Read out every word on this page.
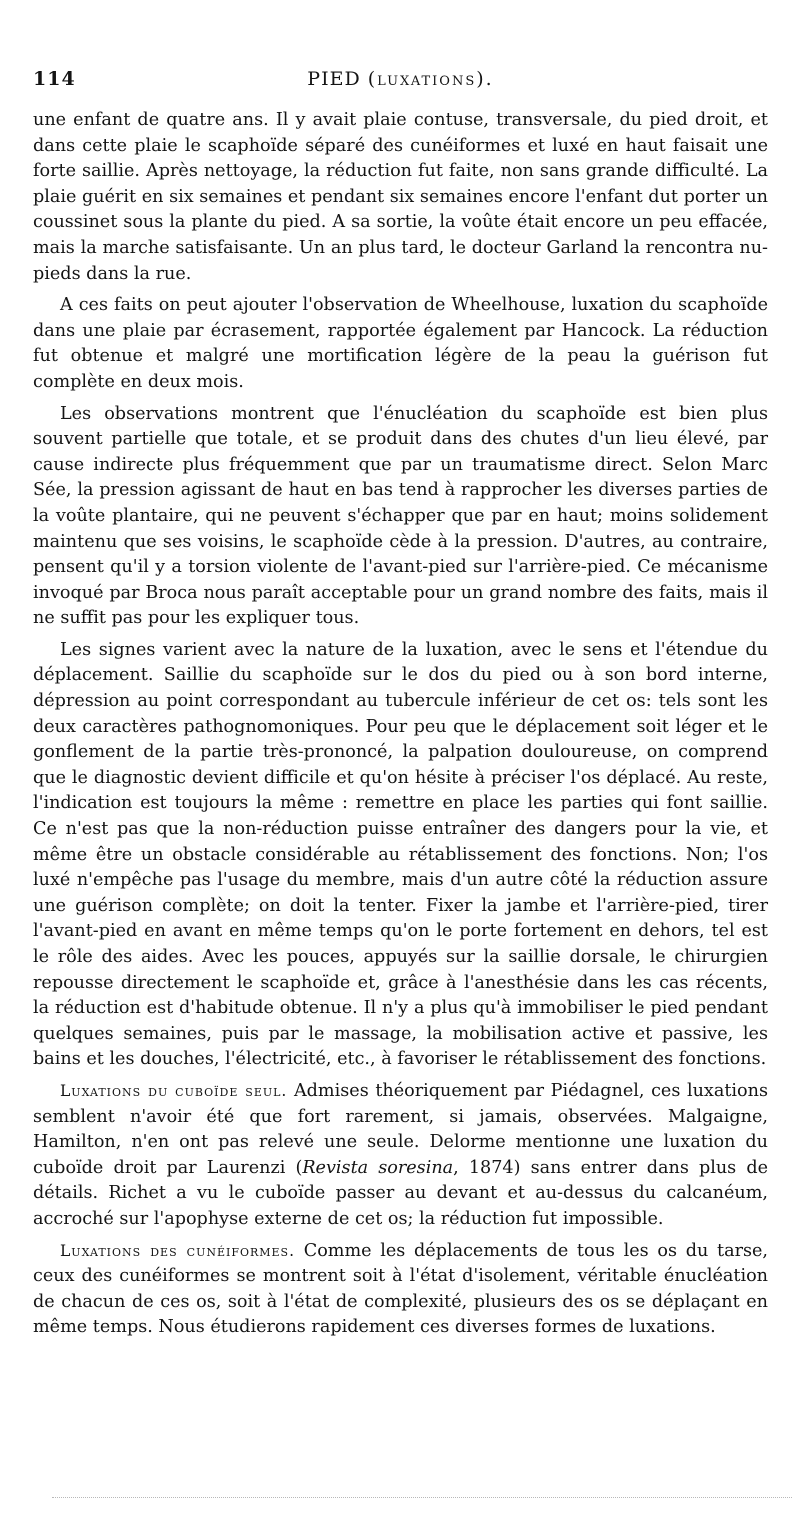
114	PIED (luxations).

une enfant de quatre ans. Il y avait plaie contuse, transversale, du pied droit, et dans cette plaie le scaphoïde séparé des cunéiformes et luxé en haut faisait une forte saillie. Après nettoyage, la réduction fut faite, non sans grande difficulté. La plaie guérit en six semaines et pendant six semaines encore l'enfant dut porter un coussinet sous la plante du pied. A sa sortie, la voûte était encore un peu effacée, mais la marche satisfaisante. Un an plus tard, le docteur Garland la rencontra nu-pieds dans la rue.

A ces faits on peut ajouter l'observation de Wheelhouse, luxation du scaphoïde dans une plaie par écrasement, rapportée également par Hancock. La réduction fut obtenue et malgré une mortification légère de la peau la guérison fut complète en deux mois.

Les observations montrent que l'énucléation du scaphoïde est bien plus souvent partielle que totale, et se produit dans des chutes d'un lieu élevé, par cause indirecte plus fréquemment que par un traumatisme direct. Selon Marc Sée, la pression agissant de haut en bas tend à rapprocher les diverses parties de la voûte plantaire, qui ne peuvent s'échapper que par en haut; moins solidement maintenu que ses voisins, le scaphoïde cède à la pression. D'autres, au contraire, pensent qu'il y a torsion violente de l'avant-pied sur l'arrière-pied. Ce mécanisme invoqué par Broca nous paraît acceptable pour un grand nombre des faits, mais il ne suffit pas pour les expliquer tous.

Les signes varient avec la nature de la luxation, avec le sens et l'étendue du déplacement. Saillie du scaphoïde sur le dos du pied ou à son bord interne, dépression au point correspondant au tubercule inférieur de cet os: tels sont les deux caractères pathognomoniques. Pour peu que le déplacement soit léger et le gonflement de la partie très-prononcé, la palpation douloureuse, on comprend que le diagnostic devient difficile et qu'on hésite à préciser l'os déplacé. Au reste, l'indication est toujours la même : remettre en place les parties qui font saillie. Ce n'est pas que la non-réduction puisse entraîner des dangers pour la vie, et même être un obstacle considérable au rétablissement des fonctions. Non; l'os luxé n'empêche pas l'usage du membre, mais d'un autre côté la réduction assure une guérison complète; on doit la tenter. Fixer la jambe et l'arrière-pied, tirer l'avant-pied en avant en même temps qu'on le porte fortement en dehors, tel est le rôle des aides. Avec les pouces, appuyés sur la saillie dorsale, le chirurgien repousse directement le scaphoïde et, grâce à l'anesthésie dans les cas récents, la réduction est d'habitude obtenue. Il n'y a plus qu'à immobiliser le pied pendant quelques semaines, puis par le massage, la mobilisation active et passive, les bains et les douches, l'électricité, etc., à favoriser le rétablissement des fonctions.

Luxations du cuboïde seul. Admises théoriquement par Piédagnel, ces luxations semblent n'avoir été que fort rarement, si jamais, observées. Malgaigne, Hamilton, n'en ont pas relevé une seule. Delorme mentionne une luxation du cuboïde droit par Laurenzi (Revista soresina, 1874) sans entrer dans plus de détails. Richet a vu le cuboïde passer au devant et au-dessus du calcanéum, accroché sur l'apophyse externe de cet os; la réduction fut impossible.

Luxations des cunéiformes. Comme les déplacements de tous les os du tarse, ceux des cunéiformes se montrent soit à l'état d'isolement, véritable énucléation de chacun de ces os, soit à l'état de complexité, plusieurs des os se déplaçant en même temps. Nous étudierons rapidement ces diverses formes de luxations.
